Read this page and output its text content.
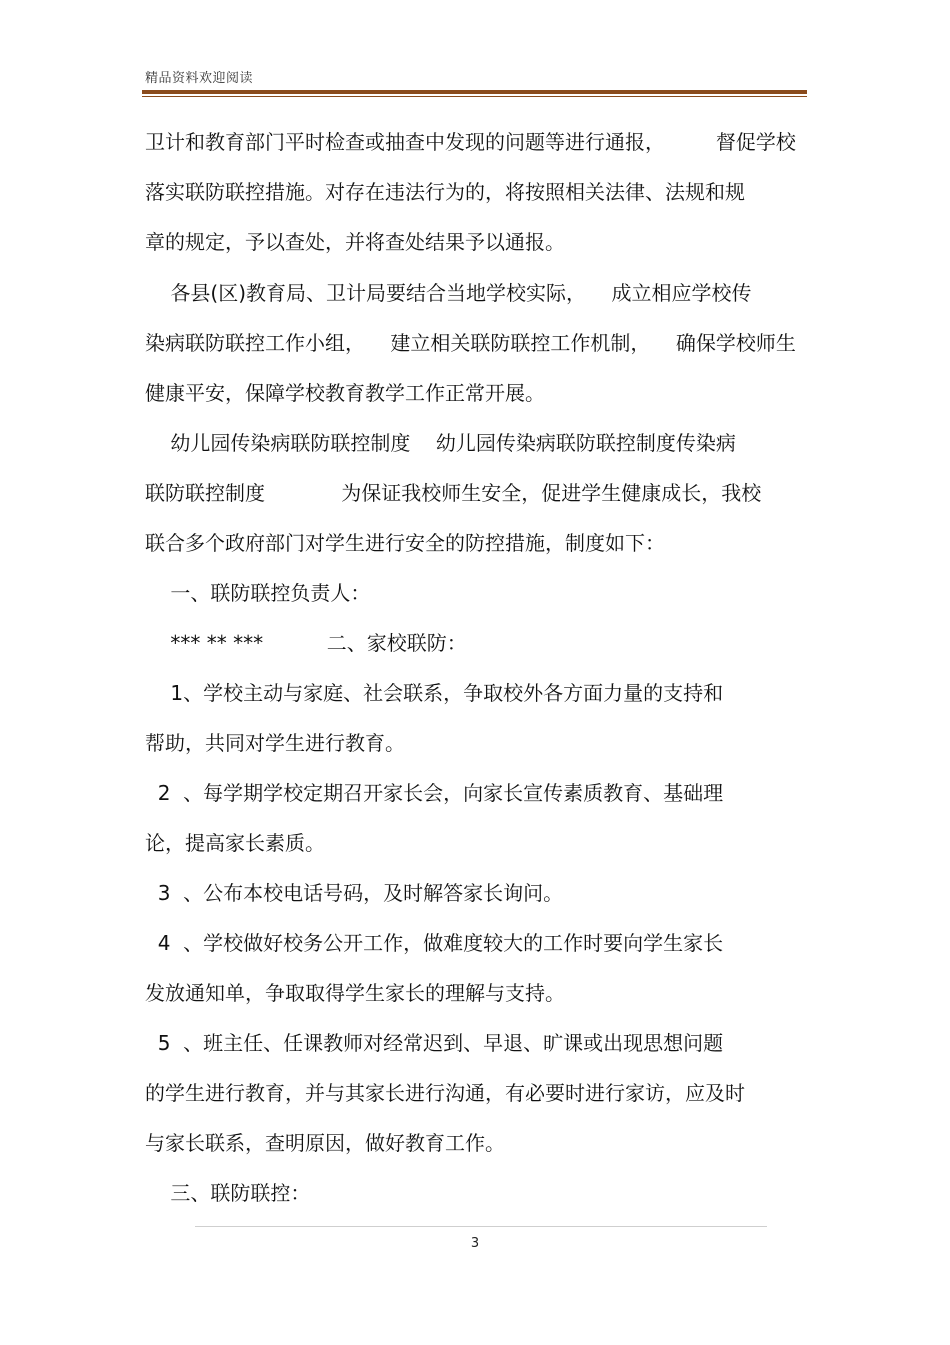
精品资料欢迎阅读
卫计和教育部门平时检查或抽查中发现的问题等进行通报，        督促学校
落实联防联控措施。对存在违法行为的，将按照相关法律、法规和规
章的规定，予以查处，并将查处结果予以通报。
各县(区)教育局、卫计局要结合当地学校实际，    成立相应学校传
染病联防联控工作小组，    建立相关联防联控工作机制，    确保学校师生
健康平安，保障学校教育教学工作正常开展。
幼儿园传染病联防联控制度    幼儿园传染病联防联控制度传染病
联防联控制度            为保证我校师生安全，促进学生健康成长，我校
联合多个政府部门对学生进行安全的防控措施，制度如下：
一、联防联控负责人：
*** ** ***          二、家校联防：
1、学校主动与家庭、社会联系，争取校外各方面力量的支持和
帮助，共同对学生进行教育。
2  、每学期学校定期召开家长会，向家长宣传素质教育、基础理
论，提高家长素质。
3  、公布本校电话号码，及时解答家长询问。
4  、学校做好校务公开工作，做难度较大的工作时要向学生家长
发放通知单，争取取得学生家长的理解与支持。
5  、班主任、任课教师对经常迟到、早退、旷课或出现思想问题
的学生进行教育，并与其家长进行沟通，有必要时进行家访，应及时
与家长联系，查明原因，做好教育工作。
三、联防联控：
3
